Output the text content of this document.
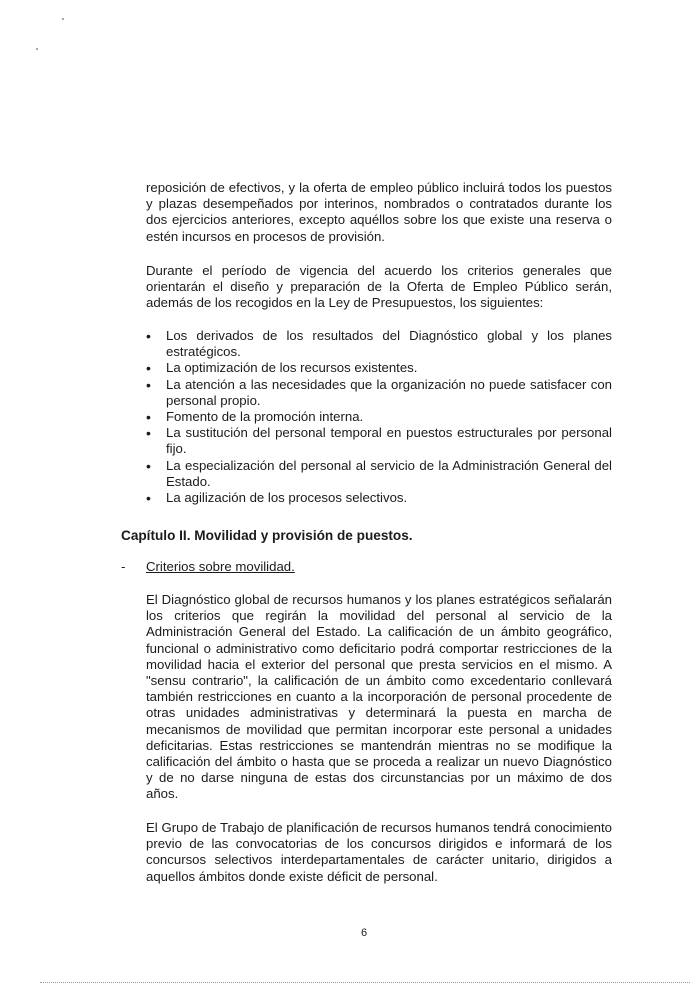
reposición de efectivos, y la oferta de empleo público incluirá todos los puestos y plazas desempeñados por interinos, nombrados o contratados durante los dos ejercicios anteriores, excepto aquéllos sobre los que existe una reserva o estén incursos en procesos de provisión.

Durante el período de vigencia del acuerdo los criterios generales que orientarán el diseño y preparación de la Oferta de Empleo Público serán, además de los recogidos en la Ley de Presupuestos, los siguientes:

• Los derivados de los resultados del Diagnóstico global y los planes estratégicos.
• La optimización de los recursos existentes.
• La atención a las necesidades que la organización no puede satisfacer con personal propio.
• Fomento de la promoción interna.
• La sustitución del personal temporal en puestos estructurales por personal fijo.
• La especialización del personal al servicio de la Administración General del Estado.
• La agilización de los procesos selectivos.
Capítulo II. Movilidad y provisión de puestos.
- Criterios sobre movilidad.

El Diagnóstico global de recursos humanos y los planes estratégicos señalarán los criterios que regirán la movilidad del personal al servicio de la Administración General del Estado. La calificación de un ámbito geográfico, funcional o administrativo como deficitario podrá comportar restricciones de la movilidad hacia el exterior del personal que presta servicios en el mismo. A "sensu contrario", la calificación de un ámbito como excedentario conllevará también restricciones en cuanto a la incorporación de personal procedente de otras unidades administrativas y determinará la puesta en marcha de mecanismos de movilidad que permitan incorporar este personal a unidades deficitarias. Estas restricciones se mantendrán mientras no se modifique la calificación del ámbito o hasta que se proceda a realizar un nuevo Diagnóstico y de no darse ninguna de estas dos circunstancias por un máximo de dos años.

El Grupo de Trabajo de planificación de recursos humanos tendrá conocimiento previo de las convocatorias de los concursos dirigidos e informará de los concursos selectivos interdepartamentales de carácter unitario, dirigidos a aquellos ámbitos donde existe déficit de personal.

6
